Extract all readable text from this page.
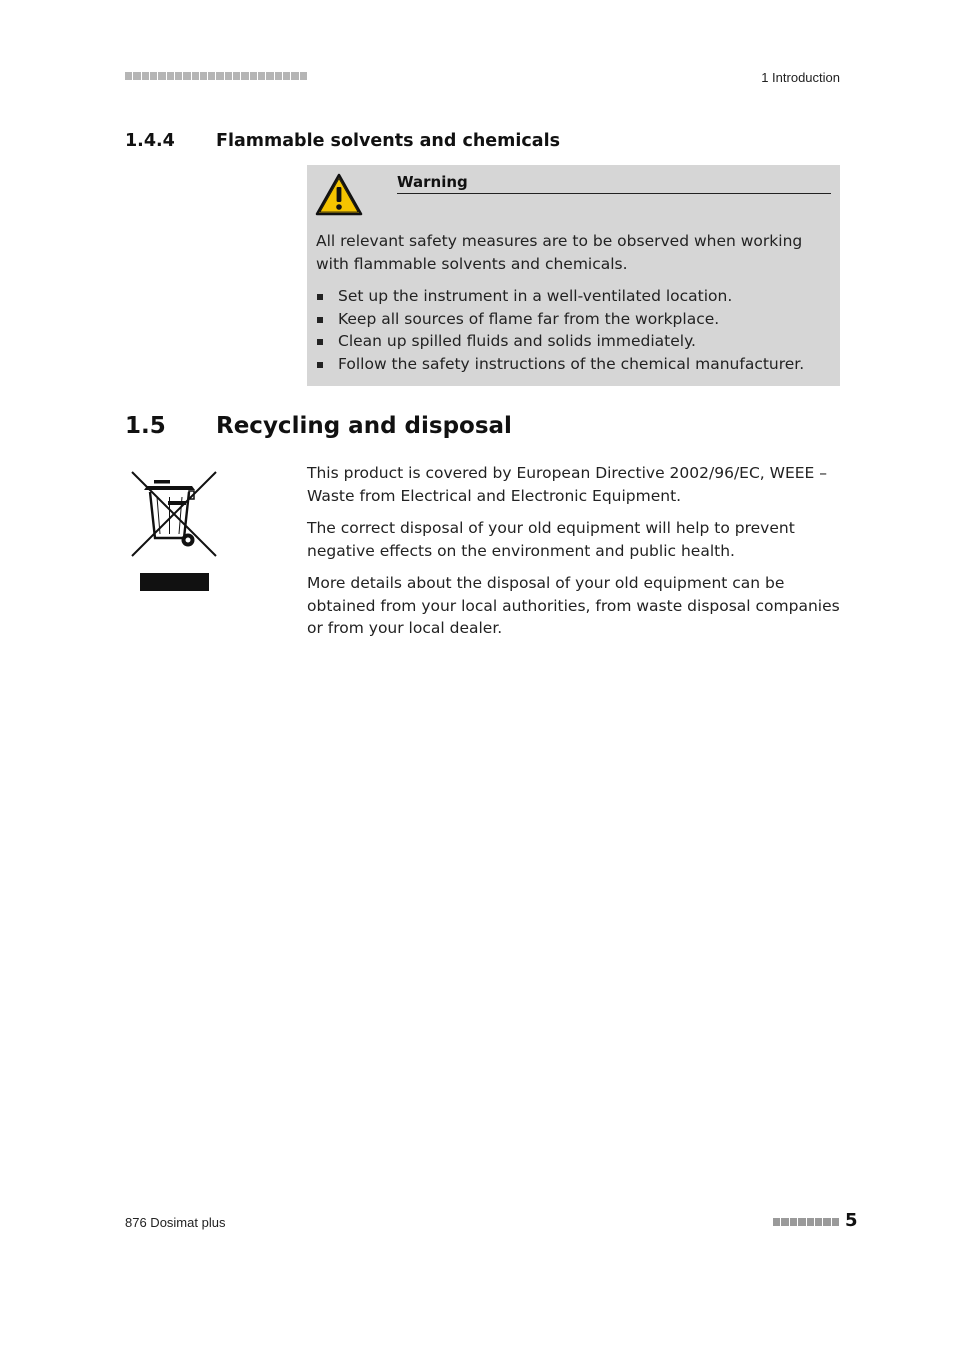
1 Introduction
1.4.4 Flammable solvents and chemicals
Warning
All relevant safety measures are to be observed when working with flammable solvents and chemicals.
Set up the instrument in a well-ventilated location.
Keep all sources of flame far from the workplace.
Clean up spilled fluids and solids immediately.
Follow the safety instructions of the chemical manufacturer.
1.5 Recycling and disposal

This product is covered by European Directive 2002/96/EC, WEEE – Waste from Electrical and Electronic Equipment.

The correct disposal of your old equipment will help to prevent negative effects on the environment and public health.

More details about the disposal of your old equipment can be obtained from your local authorities, from waste disposal companies or from your local dealer.

876 Dosimat plus	5
